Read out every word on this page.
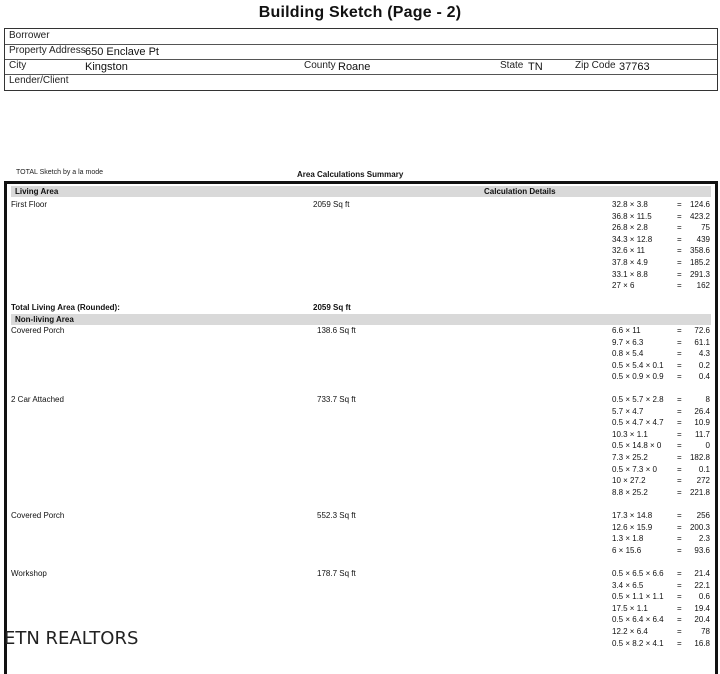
Building Sketch (Page - 2)
Borrower
Property Address 650 Enclave Pt
City	Kingston	County Roane	State TN	Zip Code 37763
Lender/Client
TOTAL Sketch by a la mode	Area Calculations Summary
Living Area	Calculation Details
First Floor	2059 Sq ft	32.8 × 3.8	=	124.6
36.8 × 11.5	=	423.2
26.8 × 2.8	=	75
34.3 × 12.8	=	439
32.6 × 11	=	358.6
37.8 × 4.9	=	185.2
33.1 × 8.8	=	291.3
27 × 6	=	162
Total Living Area (Rounded):	2059 Sq ft
Non-living Area
Covered Porch	138.6 Sq ft	6.6 × 11	=	72.6
9.7 × 6.3	=	61.1
0.8 × 5.4	=	4.3
0.5 × 5.4 × 0.1 =	0.2
0.5 × 0.9 × 0.9 =	0.4
2 Car Attached	733.7 Sq ft	0.5 × 5.7 × 2.8 =	8
5.7 × 4.7	=	26.4
0.5 × 4.7 × 4.7 =	10.9
10.3 × 1.1	=	11.7
0.5 × 14.8 × 0 =	0
7.3 × 25.2	=	182.8
0.5 × 7.3 × 0	=	0.1
10 × 27.2	=	272
8.8 × 25.2	=	221.8
Covered Porch	552.3 Sq ft	17.3 × 14.8	=	256
12.6 × 15.9	=	200.3
1.3 × 1.8	=	2.3
6 × 15.6	=	93.6
Workshop	178.7 Sq ft	0.5 × 6.5 × 6.6 =	21.4
3.4 × 6.5	=	22.1
0.5 × 1.1 × 1.1 =	0.6
17.5 × 1.1	=	19.4
0.5 × 6.4 × 6.4 =	20.4
12.2 × 6.4	=	78
0.5 × 8.2 × 4.1 =	16.8
ETN REALTORS
